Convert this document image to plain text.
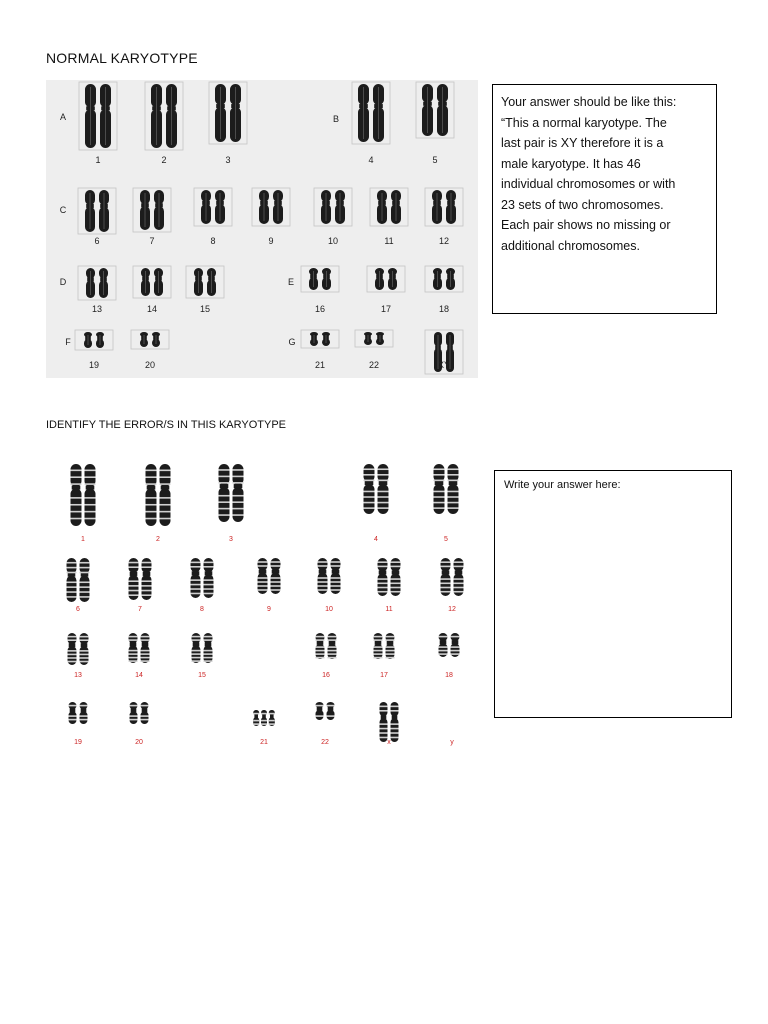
NORMAL KARYOTYPE
1	2	3	4	5
6	7	8	9	10	11	12
13	14	15	16	17	18
19	20	21	22	XY
A	B
C
D	E
F	G
Your answer should be like this:
“This a normal karyotype. The
last pair is XY therefore it is a
male karyotype. It has 46
individual chromosomes or with
23 sets of two chromosomes.
Each pair shows no missing or
additional chromosomes.
IDENTIFY THE ERROR/S IN THIS KARYOTYPE
1	2	3	4	5
6	7	8	9	10	11	12
13	14	15	16	17	18
19	20	21	22	x	y
Write your answer here:
